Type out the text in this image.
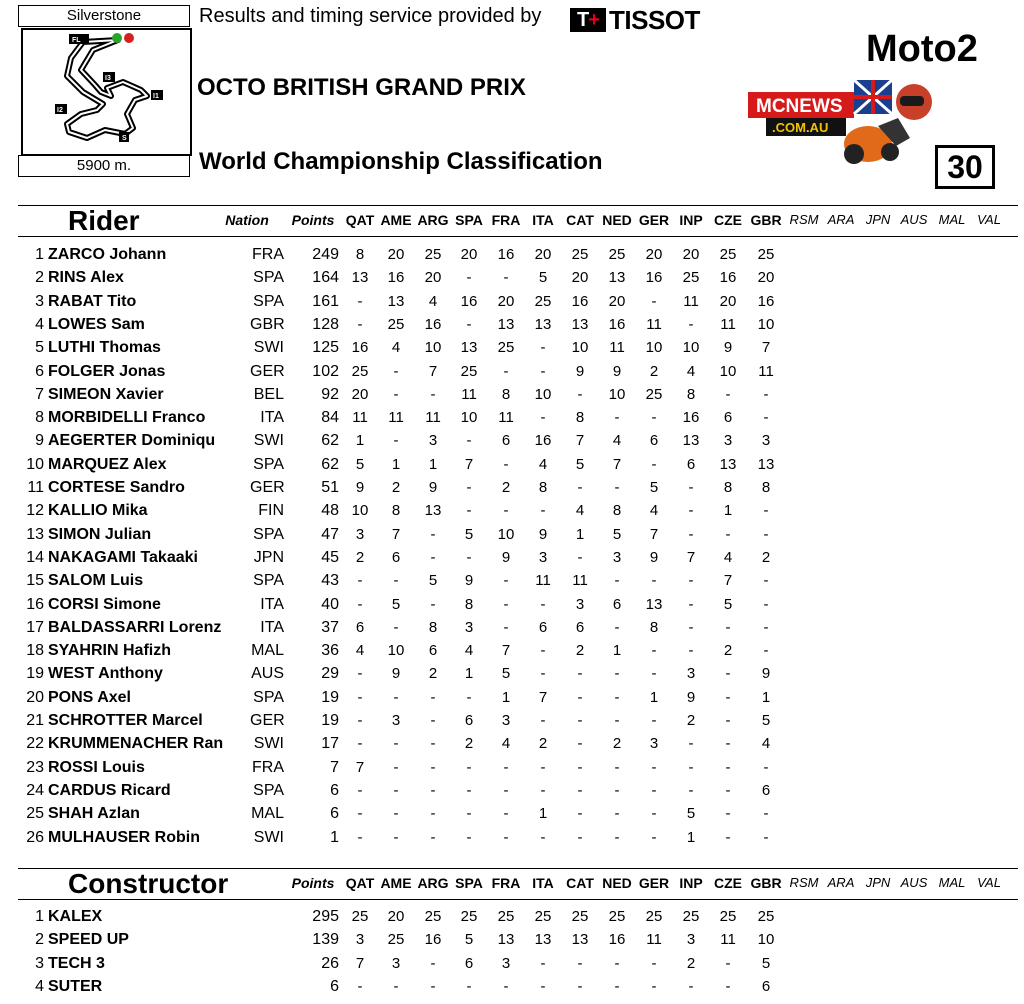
Silverstone
FL
I3
I1
I2
S
5900 m.
Results and timing service provided by	T + TISSOT
Moto2
OCTO BRITISH GRAND PRIX
World Championship Classification
MCNEWS
.COM.AU
30
Rider	Nation Points QAT AME ARG SPA FRA ITA CAT NED GER INP CZE GBR RSM ARA JPN AUS MAL VAL
1 ZARCO Johann	FRA	249 8 20 25 20 16 20 25 25 20 20 25 25
2 RINS Alex	SPA	164 13 16 20 - - 5 20 13 16 25 16 20
3 RABAT Tito	SPA	161 - 13 4 16 20 25 16 20 - 11 20 16
4 LOWES Sam	GBR	128 - 25 16 - 13 13 13 16 11 - 11 10
5 LUTHI Thomas	SWI	125 16 4 10 13 25 - 10 11 10 10 9 7
6 FOLGER Jonas	GER	102 25 - 7 25 - - 9 9 2 4 10 11
7 SIMEON Xavier	BEL	92 20 - - 11 8 10 - 10 25 8 - -
8 MORBIDELLI Franco	ITA	84 11 11 11 10 11 - 8 - - 16 6 -
9 AEGERTER Dominiqu SWI	62 1 - 3 - 6 16 7 4 6 13 3 3
10 MARQUEZ Alex	SPA	62 5 1 1 7 - 4 5 7 - 6 13 13
11 CORTESE Sandro	GER	51 9 2 9 - 2 8 - - 5 - 8 8
12 KALLIO Mika	FIN	48 10 8 13 - - - 4 8 4 - 1 -
13 SIMON Julian	SPA	47 3 7 - 5 10 9 1 5 7 - - -
14 NAKAGAMI Takaaki	JPN	45 2 6 - - 9 3 - 3 9 7 4 2
15 SALOM Luis	SPA	43 - - 5 9 - 11 11 - - - 7 -
16 CORSI Simone	ITA	40 - 5 - 8 - - 3 6 13 - 5 -
17 BALDASSARRI Lorenz	ITA	37 6 - 8 3 - 6 6 - 8 - - -
18 SYAHRIN Hafizh	MAL	36 4 10 6 4 7 - 2 1 - - 2 -
19 WEST Anthony	AUS	29 - 9 2 1 5 - - - - 3 - 9
20 PONS Axel	SPA	19 - - - - 1 7 - - 1 9 - 1
21 SCHROTTER Marcel	GER	19 - 3 - 6 3 - - - - 2 - 5
22 KRUMMENACHER Ran SWI	17 - - - 2 4 2 - 2 3 - - 4
23 ROSSI Louis	FRA	7 7 - - - - - - - - - - -
24 CARDUS Ricard	SPA	6 - - - - - - - - - - - 6
25 SHAH Azlan	MAL	6 - - - - - 1 - - - 5 - -
26 MULHAUSER Robin	SWI	1 - - - - - - - - - 1 - -
Constructor	Points QAT AME ARG SPA FRA ITA CAT NED GER INP CZE GBR RSM ARA JPN AUS MAL VAL
1 KALEX	295 25 20 25 25 25 25 25 25 25 25 25 25
2 SPEED UP	139 3 25 16 5 13 13 13 16 11 3 11 10
3 TECH 3	26 7 3 - 6 3 - - - - 2 - 5
4 SUTER	6 - - - - - - - - - - - 6
